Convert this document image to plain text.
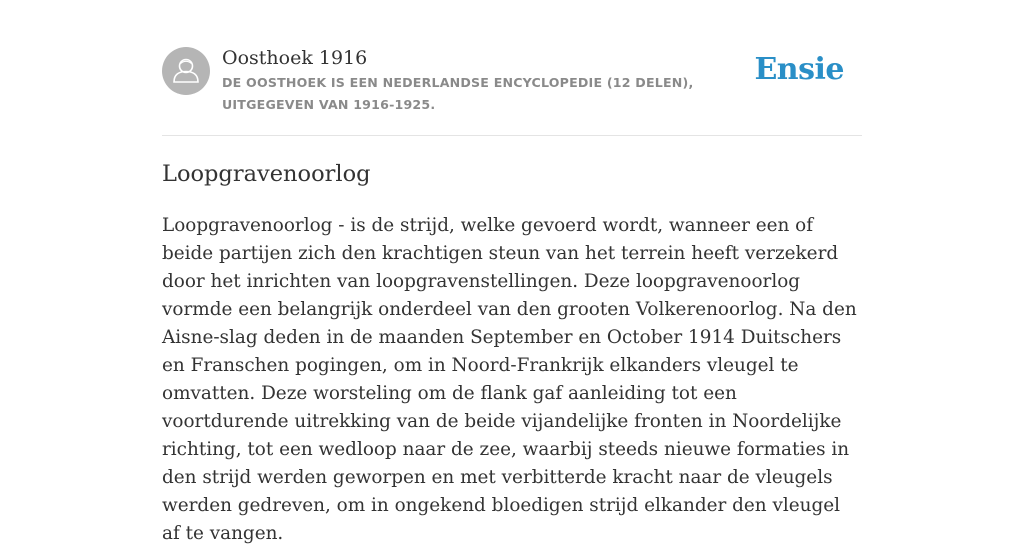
Oosthoek 1916

DE OOSTHOEK IS EEN NEDERLANDSE ENCYCLOPEDIE (12 DELEN), UITGEGEVEN VAN 1916-1925.

Ensie
Loopgravenoorlog

Loopgravenoorlog - is de strijd, welke gevoerd wordt, wanneer een of beide partijen zich den krachtigen steun van het terrein heeft verzekerd door het inrichten van loopgravenstellingen. Deze loopgravenoorlog vormde een belangrijk onderdeel van den grooten Volkerenoorlog. Na den Aisne-slag deden in de maanden September en October 1914 Duitschers en Franschen pogingen, om in Noord-Frankrijk elkanders vleugel te omvatten. Deze worsteling om de flank gaf aanleiding tot een voortdurende uitrekking van de beide vijandelijke fronten in Noordelijke richting, tot een wedloop naar de zee, waarbij steeds nieuwe formaties in den strijd werden geworpen en met verbitterde kracht naar de vleugels werden gedreven, om in ongekend bloedigen strijd elkander den vleugel af te vangen.
